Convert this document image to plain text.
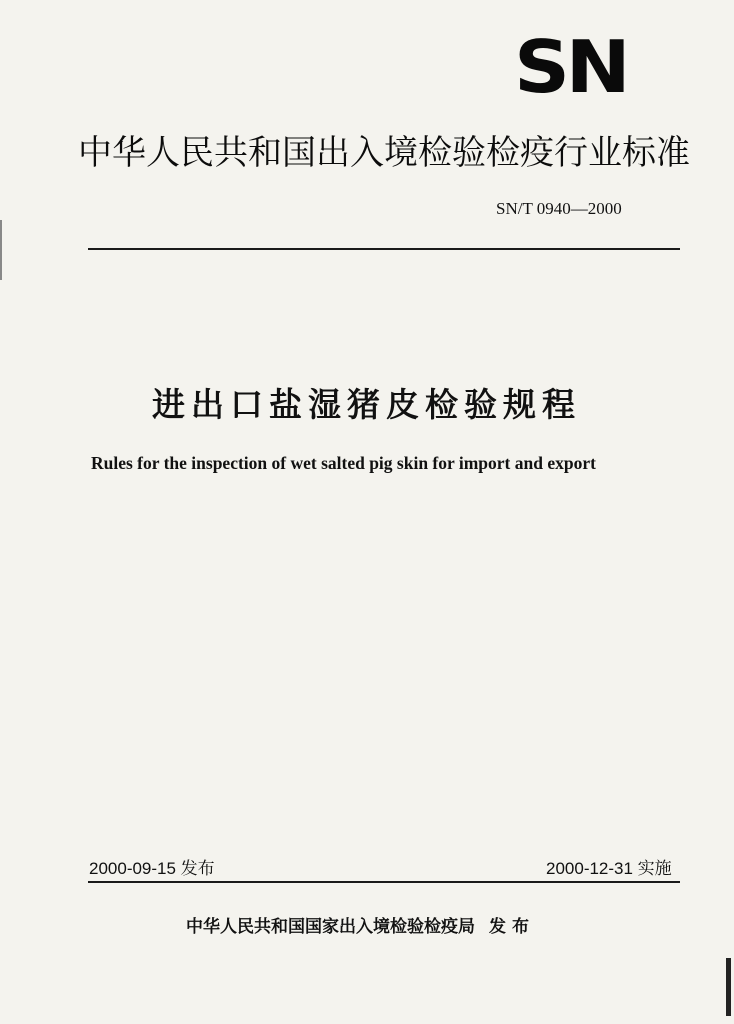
SN
中华人民共和国出入境检验检疫行业标准
SN/T 0940—2000
进出口盐湿猪皮检验规程
Rules for the inspection of wet salted pig skin for import and export
2000-09-15 发布	2000-12-31 实施
中华人民共和国国家出入境检验检疫局 发布
